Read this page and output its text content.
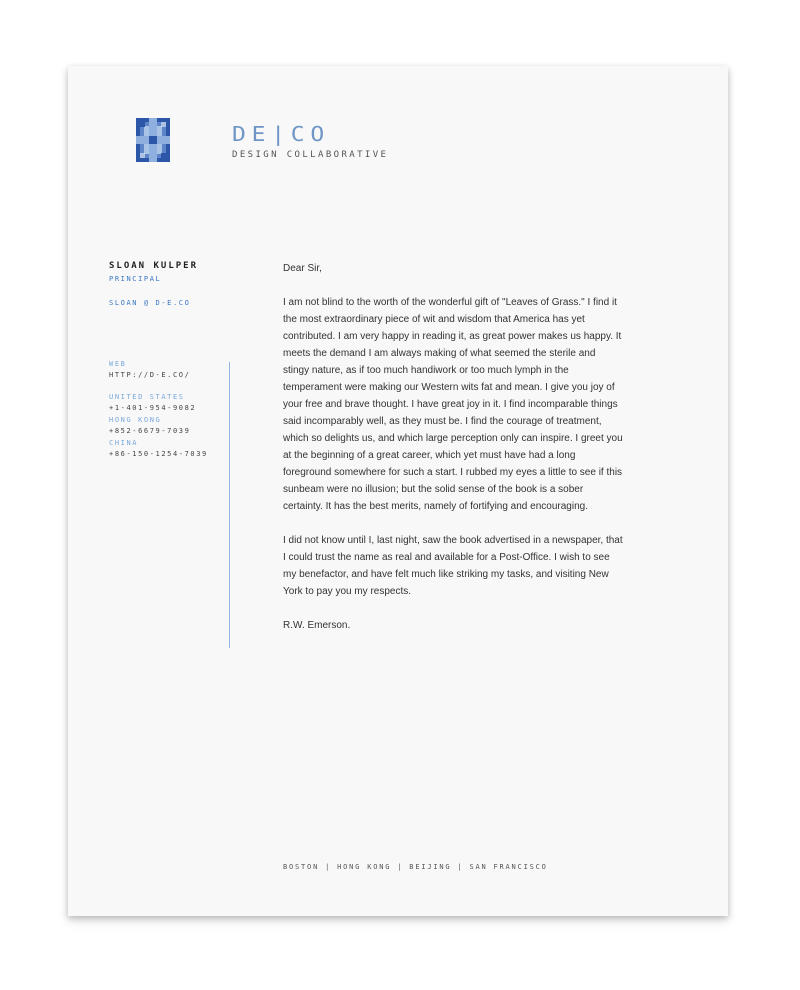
DE|CO
DESIGN COLLABORATIVE
SLOAN KULPER
PRINCIPAL
SLOAN @ D-E.CO
WEB
HTTP://D-E.CO/
UNITED STATES
+1-401-954-9082
HONG KONG
+852-6679-7039
CHINA
+86-150-1254-7039

Dear Sir,

I am not blind to the worth of the wonderful gift of "Leaves of Grass." I find it the most extraordinary piece of wit and wisdom that America has yet contributed. I am very happy in reading it, as great power makes us happy. It meets the demand I am always making of what seemed the sterile and stingy nature, as if too much handiwork or too much lymph in the temperament were making our Western wits fat and mean. I give you joy of your free and brave thought. I have great joy in it. I find incomparable things said incomparably well, as they must be. I find the courage of treatment, which so delights us, and which large perception only can inspire. I greet you at the beginning of a great career, which yet must have had a long foreground somewhere for such a start. I rubbed my eyes a little to see if this sunbeam were no illusion; but the solid sense of the book is a sober certainty. It has the best merits, namely of fortifying and encouraging.

I did not know until I, last night, saw the book advertised in a newspaper, that I could trust the name as real and available for a Post-Office. I wish to see my benefactor, and have felt much like striking my tasks, and visiting New York to pay you my respects.

R.W. Emerson.

BOSTON | HONG KONG | BEIJING | SAN FRANCISCO
